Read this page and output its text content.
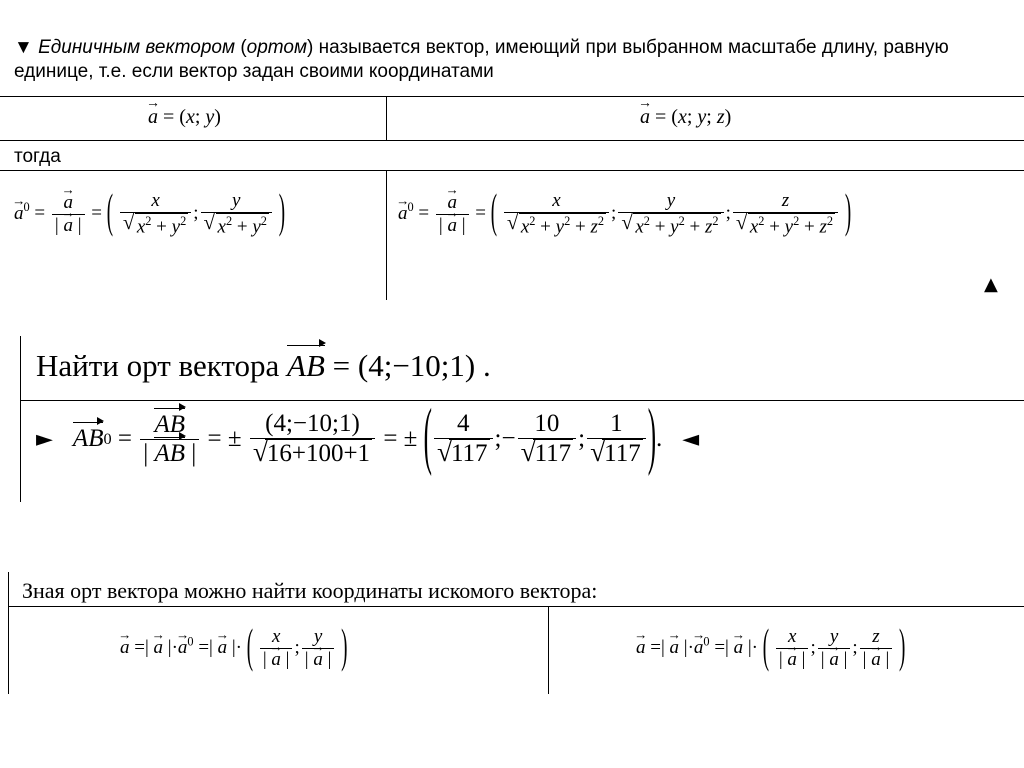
▼ Единичным вектором (ортом) называется вектор, имеющий при выбранном масштабе длину, равную единице, т.е. если вектор задан своими координатами
→ a = (x; y)	→ a = (x; y; z)
тогда
→ $a^0$ = → $\frac{a}{| \to a |}$ = ( x
√ $x^2 + y^2$ ; y
√ $x^2 + y^2$ )	→ $a^0$ = → $\frac{a}{| \to a |}$ = ( x
√ $x^2 + y^2 + z^2$ ; y
√ $x^2 + y^2 + z^2$ ; z
√ $x^2 + y^2 + z^2$ )
▲
Найти орт вектора AB = (4;−10;1) .
► AB $0 = \frac{AB}{| AB |}$ = ± (4;−10;1)
√ 16+100+1 = ± ( 4
√ 117 ;− 10
√ 117 ; 1
√ 117 ) . ◄
Зная орт вектора можно найти координаты искомого вектора:
→ a =| → a |·→ $a^0$ =| → a |· ( $\frac{x}{| \to a |}$ ; $\frac{y}{| \to a |}$ )	→ a =| → a |·→ $a^0$ =| → a |· ( $\frac{x}{| \to a |}$ ; $\frac{y}{| \to a |}$ ; $\frac{z}{| \to a |}$ )
